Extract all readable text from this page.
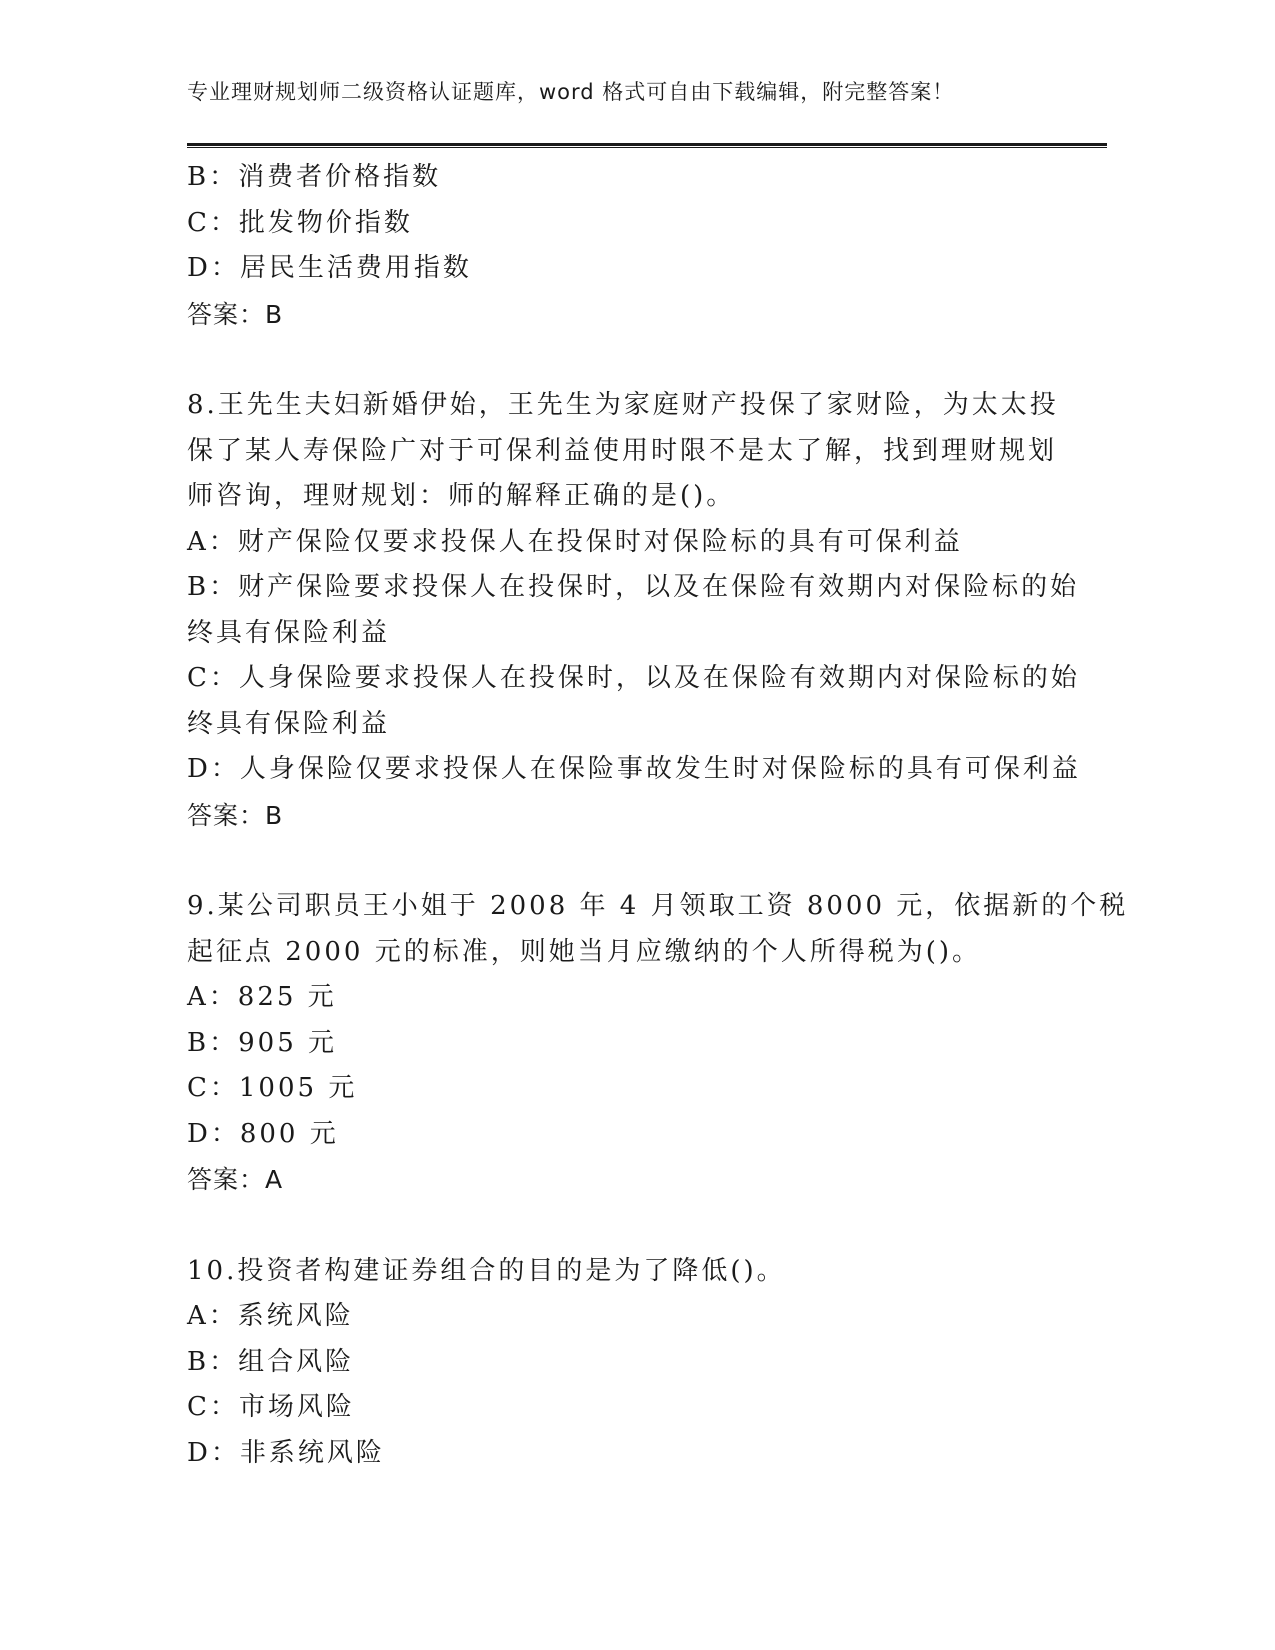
专业理财规划师二级资格认证题库，word 格式可自由下载编辑，附完整答案！
B：消费者价格指数
C：批发物价指数
D：居民生活费用指数
答案：B
8.王先生夫妇新婚伊始，王先生为家庭财产投保了家财险，为太太投
保了某人寿保险广对于可保利益使用时限不是太了解，找到理财规划
师咨询，理财规划：师的解释正确的是()。
A：财产保险仅要求投保人在投保时对保险标的具有可保利益
B：财产保险要求投保人在投保时，以及在保险有效期内对保险标的始
终具有保险利益
C：人身保险要求投保人在投保时，以及在保险有效期内对保险标的始
终具有保险利益
D：人身保险仅要求投保人在保险事故发生时对保险标的具有可保利益
答案：B
9.某公司职员王小姐于 2008 年 4 月领取工资 8000 元，依据新的个税
起征点 2000 元的标准，则她当月应缴纳的个人所得税为()。
A：825 元
B：905 元
C：1005 元
D：800 元
答案：A
10.投资者构建证券组合的目的是为了降低()。
A：系统风险
B：组合风险
C：市场风险
D：非系统风险
